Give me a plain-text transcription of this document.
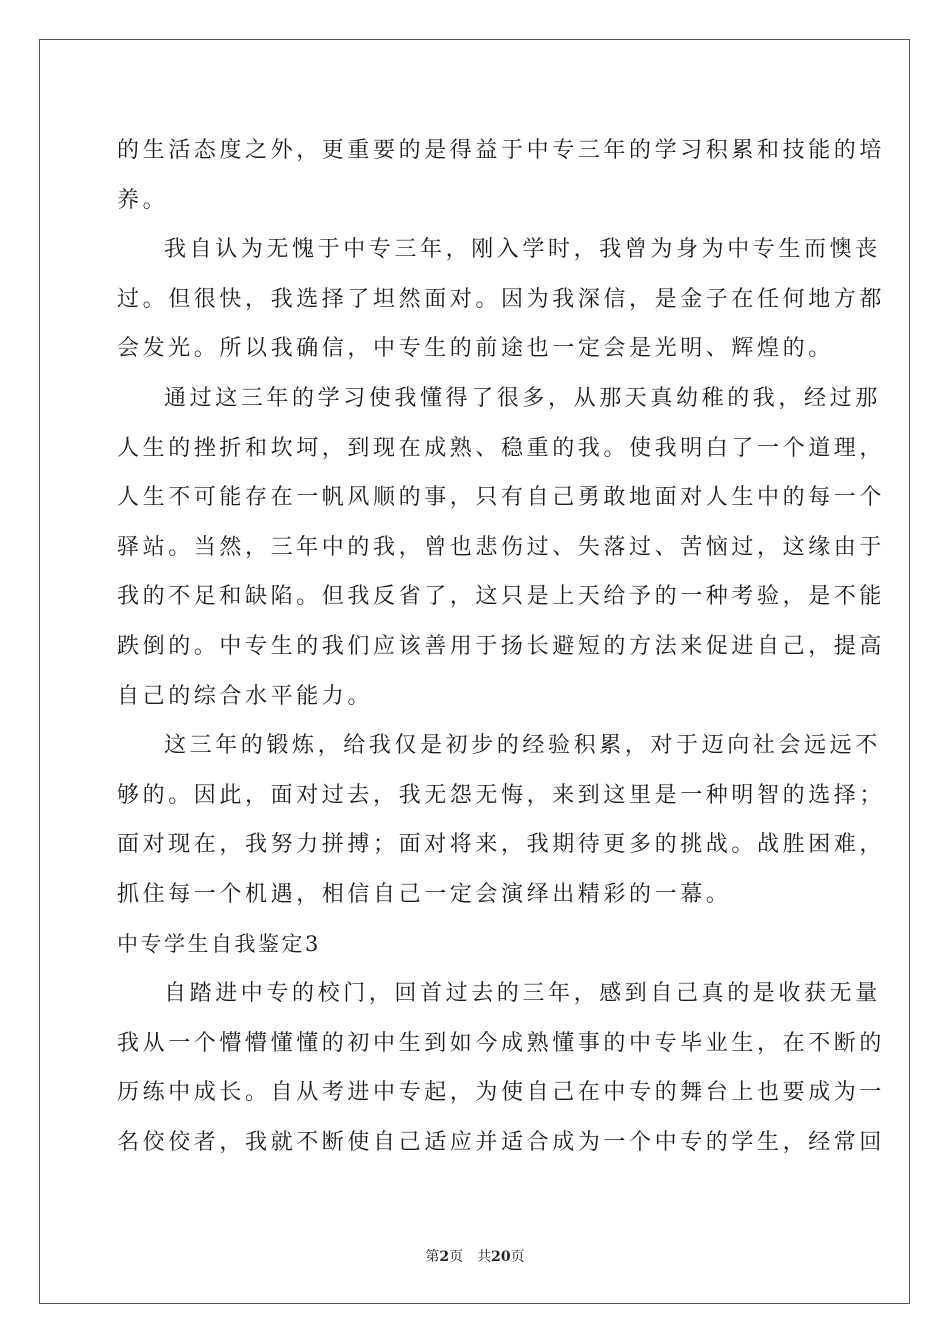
的生活态度之外，更重要的是得益于中专三年的学习积累和技能的培
养。
我自认为无愧于中专三年，刚入学时，我曾为身为中专生而懊丧
过。但很快，我选择了坦然面对。因为我深信，是金子在任何地方都
会发光。所以我确信，中专生的前途也一定会是光明、辉煌的。
通过这三年的学习使我懂得了很多，从那天真幼稚的我，经过那
人生的挫折和坎坷，到现在成熟、稳重的我。使我明白了一个道理，
人生不可能存在一帆风顺的事，只有自己勇敢地面对人生中的每一个
驿站。当然，三年中的我，曾也悲伤过、失落过、苦恼过，这缘由于
我的不足和缺陷。但我反省了，这只是上天给予的一种考验，是不能
跌倒的。中专生的我们应该善用于扬长避短的方法来促进自己，提高
自己的综合水平能力。
这三年的锻炼，给我仅是初步的经验积累，对于迈向社会远远不
够的。因此，面对过去，我无怨无悔，来到这里是一种明智的选择；
面对现在，我努力拼搏；面对将来，我期待更多的挑战。战胜困难，
抓住每一个机遇，相信自己一定会演绎出精彩的一幕。
中专学生自我鉴定3
自踏进中专的校门，回首过去的三年，感到自己真的是收获无量
我从一个懵懵懂懂的初中生到如今成熟懂事的中专毕业生，在不断的
历练中成长。自从考进中专起，为使自己在中专的舞台上也要成为一
名佼佼者，我就不断使自己适应并适合成为一个中专的学生，经常回
第2页 共20页
